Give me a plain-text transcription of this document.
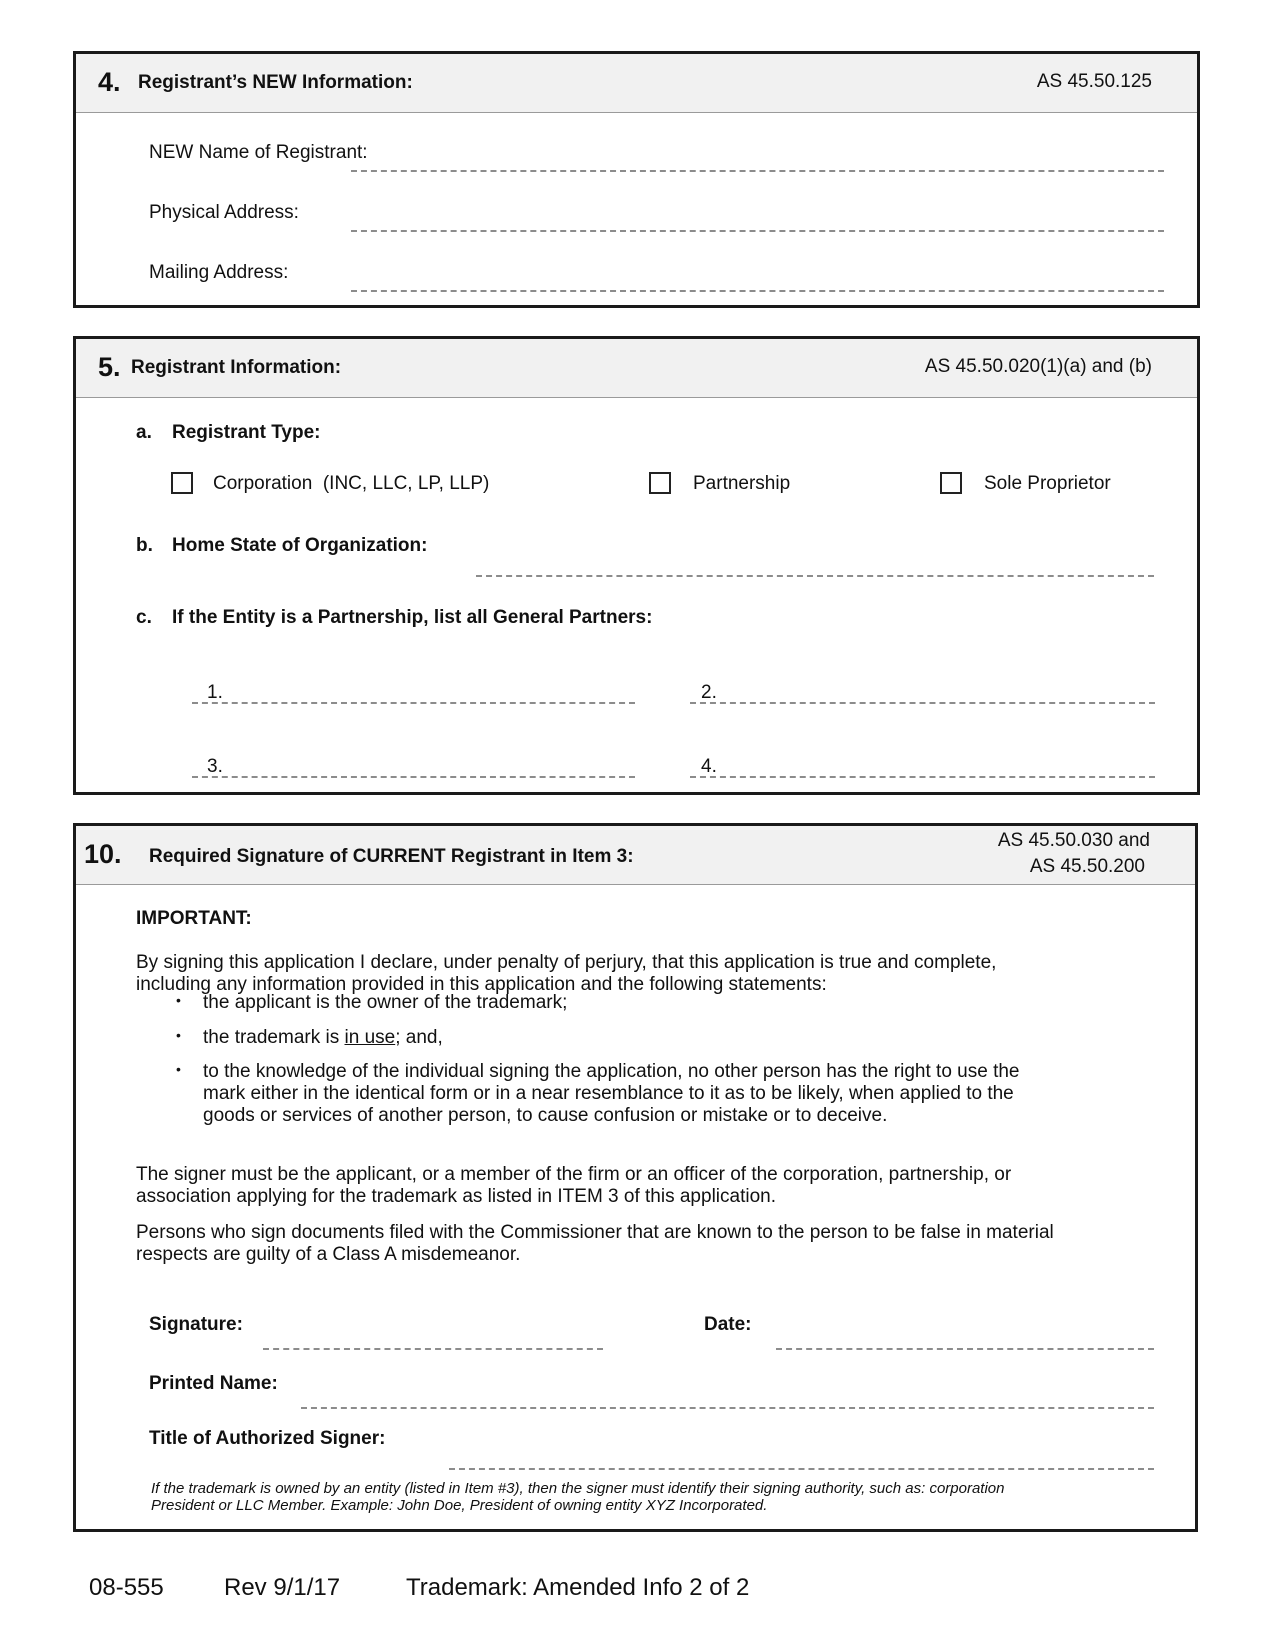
4. Registrant’s NEW Information:	AS 45.50.125
NEW Name of Registrant:
Physical Address:
Mailing Address:
5. Registrant Information:	AS 45.50.020(1)(a) and (b)
a. Registrant Type:
Corporation  (INC, LLC, LP, LLP)	Partnership	Sole Proprietor
b. Home State of Organization:
c. If the Entity is a Partnership, list all General Partners:
1.	2.
3.	4.
10. Required Signature of CURRENT Registrant in Item 3:
AS 45.50.030 and
AS 45.50.200
IMPORTANT:
By signing this application I declare, under penalty of perjury, that this application is true and complete,
including any information provided in this application and the following statements:
• the applicant is the owner of the trademark;
• the trademark is in use; and,
• to the knowledge of the individual signing the application, no other person has the right to use the
mark either in the identical form or in a near resemblance to it as to be likely, when applied to the
goods or services of another person, to cause confusion or mistake or to deceive.
The signer must be the applicant, or a member of the firm or an officer of the corporation, partnership, or
association applying for the trademark as listed in ITEM 3 of this application.
Persons who sign documents filed with the Commissioner that are known to the person to be false in material
respects are guilty of a Class A misdemeanor.
Signature:	Date:
Printed Name:
Title of Authorized Signer:
If the trademark is owned by an entity (listed in Item #3), then the signer must identify their signing authority, such as: corporation
President or LLC Member. Example: John Doe, President of owning entity XYZ Incorporated.
08-555	Rev 9/1/17	Trademark: Amended Info 2 of 2
